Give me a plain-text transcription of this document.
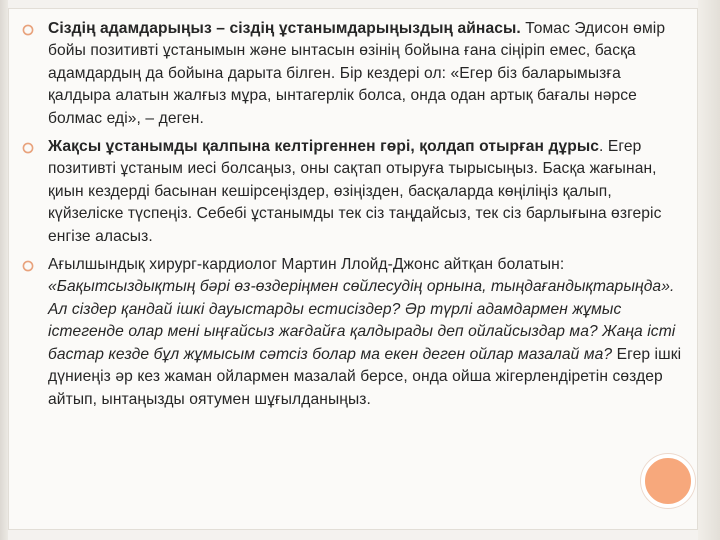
Сіздің адамдарыңыз – сіздің ұстанымдарыңыздың айнасы. Томас Эдисон өмір бойы позитивті ұстанымын және ынтасын өзінің бойына ғана сіңіріп емес, басқа адамдардың да бойына дарыта білген. Бір кездері ол: «Егер біз баларымызға қалдыра алатын жалғыз мұра, ынтагерлік болса, онда одан артық бағалы нәрсе болмас еді», – деген.
Жақсы ұстанымды қалпына келтіргеннен гөрі, қолдап отырған дұрыс. Егер позитивті ұстаным иесі болсаңыз, оны сақтап отыруға тырысыңыз. Басқа жағынан, қиын кездерді басынан кешірсеңіздер, өзіңізден, басқаларда көңіліңіз қалып, күйзеліске түспеңіз. Себебі ұстанымды тек сіз таңдайсыз, тек сіз барлығына өзгеріс енгізе аласыз.
Ағылшындық хирург-кардиолог Мартин Ллойд-Джонс айтқан болатын: «Бақытсыздықтың бәрі өз-өздеріңмен сөйлесудің орнына, тыңдағандықтарыңда». Ал сіздер қандай ішкі дауыстарды естисіздер? Әр түрлі адамдармен жұмыс істегенде олар мені ыңғайсыз жағдайға қалдырады деп ойлайсыздар ма? Жаңа істі бастар кезде бұл жұмысым сәтсіз болар ма екен деген ойлар мазалай ма? Егер ішкі дүниеңіз әр кез жаман ойлармен мазалай берсе, онда ойша жігерлендіретін сөздер айтып, ынтаңызды оятумен шұғылданыңыз.
